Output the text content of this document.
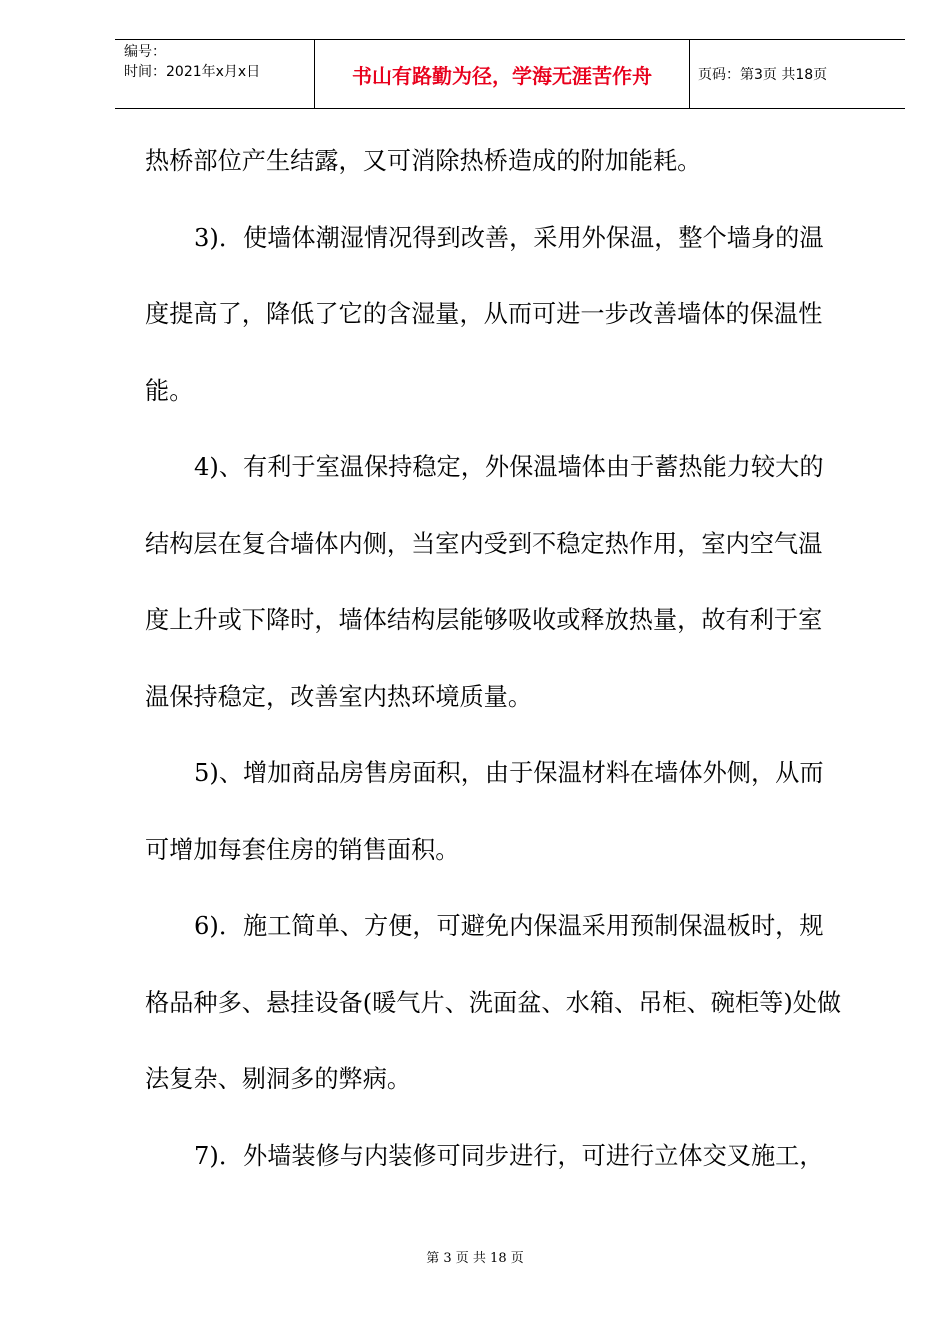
编号：
时间：2021年x月x日	书山有路勤为径，学海无涯苦作舟	页码：第3页 共18页
热桥部位产生结露，又可消除热桥造成的附加能耗。
3)．使墙体潮湿情况得到改善，采用外保温，整个墙身的温
度提高了，降低了它的含湿量，从而可进一步改善墙体的保温性
能。
4)、有利于室温保持稳定，外保温墙体由于蓄热能力较大的
结构层在复合墙体内侧，当室内受到不稳定热作用，室内空气温
度上升或下降时，墙体结构层能够吸收或释放热量，故有利于室
温保持稳定，改善室内热环境质量。
5)、增加商品房售房面积，由于保温材料在墙体外侧，从而
可增加每套住房的销售面积。
6)．施工简单、方便，可避免内保温采用预制保温板时，规
格品种多、悬挂设备(暖气片、洗面盆、水箱、吊柜、碗柜等)处做
法复杂、剔洞多的弊病。
7)．外墙装修与内装修可同步进行，可进行立体交叉施工，
第 3 页 共 18 页
